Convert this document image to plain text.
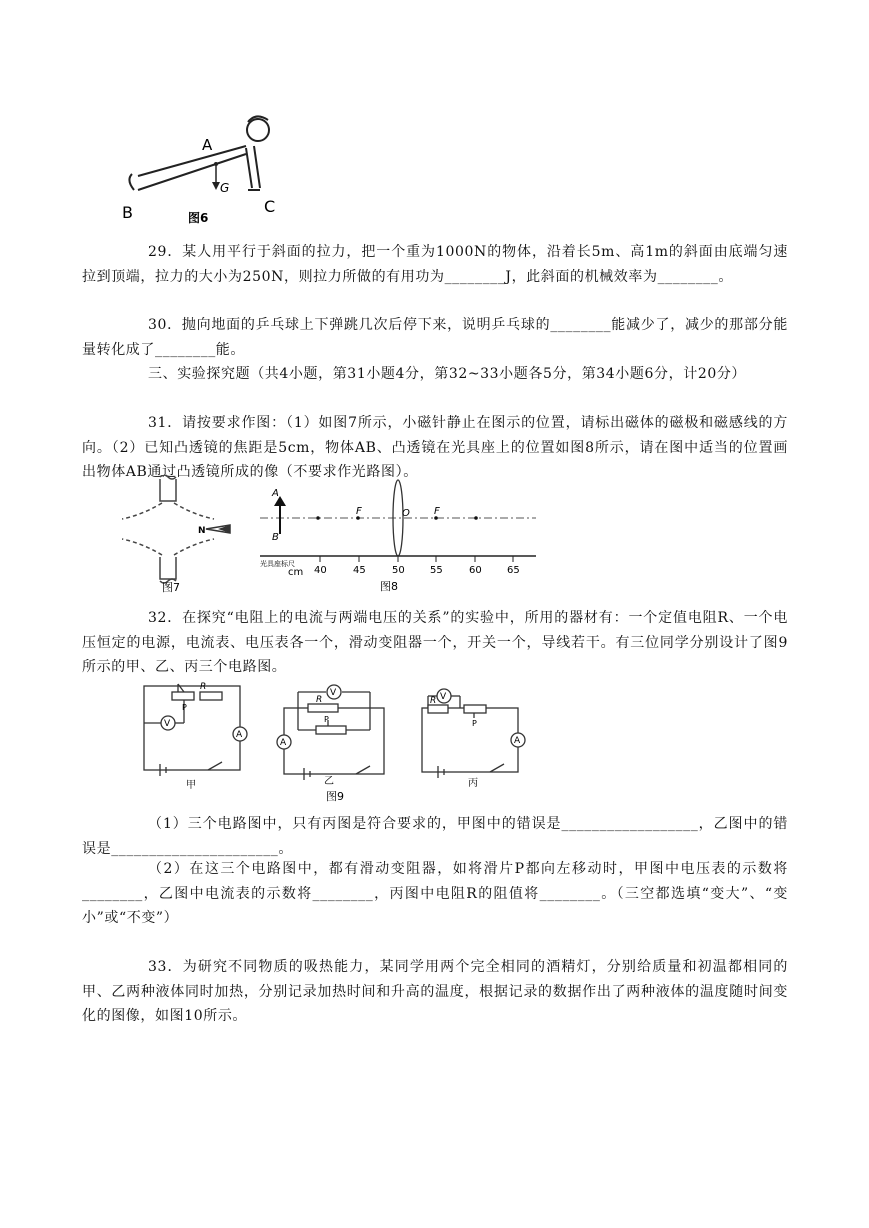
A
G
B	C
图6
29．某人用平行于斜面的拉力，把一个重为1000N的物体，沿着长5m、高1m的斜面由底端匀速拉到顶端，拉力的大小为250N，则拉力所做的有用功为________J，此斜面的机械效率为________。
30．抛向地面的乒乓球上下弹跳几次后停下来，说明乒乓球的________能减少了，减少的那部分能量转化成了________能。
三、实验探究题（共4小题，第31小题4分，第32~33小题各5分，第34小题6分，计20分）
31．请按要求作图：（1）如图7所示，小磁针静止在图示的位置，请标出磁体的磁极和磁感线的方向。（2）已知凸透镜的焦距是5cm，物体AB、凸透镜在光具座上的位置如图8所示，请在图中适当的位置画出物体AB通过凸透镜所成的像（不要求作光路图）。
N
图7
A
B
F	O F
光具座标尺
cm 40	45	50	55	60	65
图8
32．在探究“电阻上的电流与两端电压的关系”的实验中，所用的器材有：一个定值电阻R、一个电压恒定的电源，电流表、电压表各一个，滑动变阻器一个，开关一个，导线若干。有三位同学分别设计了图9所示的甲、乙、丙三个电路图。
V
A
P
R
甲
V
A
P
R
乙
V
A
P
R
丙
图9
（1）三个电路图中，只有丙图是符合要求的，甲图中的错误是__________________，乙图中的错误是______________________。
（2）在这三个电路图中，都有滑动变阻器，如将滑片P都向左移动时，甲图中电压表的示数将________，乙图中电流表的示数将________，丙图中电阻R的阻值将________。（三空都选填“变大”、“变小”或“不变”）
33．为研究不同物质的吸热能力，某同学用两个完全相同的酒精灯，分别给质量和初温都相同的甲、乙两种液体同时加热，分别记录加热时间和升高的温度，根据记录的数据作出了两种液体的温度随时间变化的图像，如图10所示。
